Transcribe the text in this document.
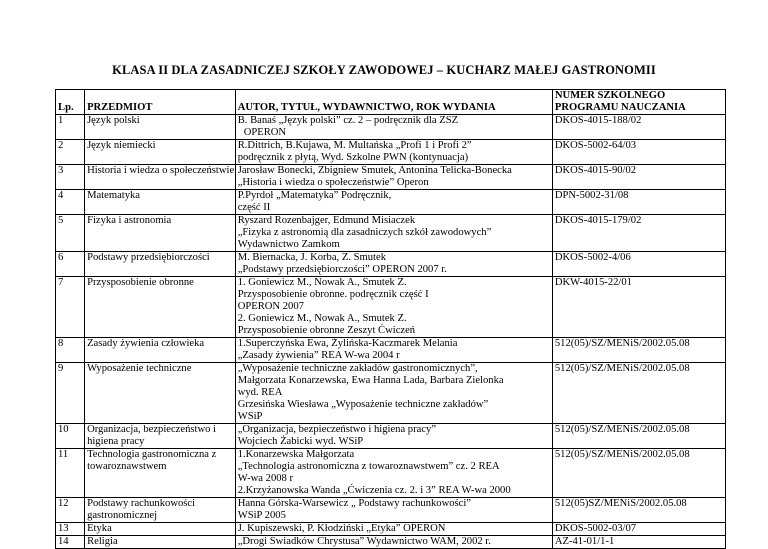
KLASA II DLA ZASADNICZEJ SZKOŁY ZAWODOWEJ – KUCHARZ MAŁEJ GASTRONOMII
Lp.	PRZEDMIOT	AUTOR, TYTUŁ, WYDAWNICTWO, ROK WYDANIA	NUMER SZKOLNEGO
PROGRAMU NAUCZANIA

1	Język polski	B. Banaś „Język polski” cz. 2 – podręcznik dla ZSZ
OPERON	DKOS-4015-188/02
2	Język niemiecki	R.Dittrich, B.Kujawa, M. Multańska „Profi 1 i Profi 2”
podręcznik z płytą, Wyd. Szkolne PWN (kontynuacja)	DKOS-5002-64/03
3	Historia i wiedza o społeczeństwie	Jarosław Bonecki, Zbigniew Smutek, Antonina Telicka-Bonecka
„Historia i wiedza o społeczeństwie” Operon	DKOS-4015-90/02
4	Matematyka	P.Pyrdoł „Matematyka” Podręcznik,
część II	DPN-5002-31/08
5	Fizyka i astronomia	Ryszard Rozenbajger, Edmund Misiaczek
„Fizyka z astronomią dla zasadniczych szkół zawodowych”
Wydawnictwo Zamkom	DKOS-4015-179/02
6	Podstawy przedsiębiorczości	M. Biernacka, J. Korba, Z. Smutek
„Podstawy przedsiębiorczości” OPERON 2007 r.	DKOS-5002-4/06
7	Przysposobienie obronne	1. Goniewicz M., Nowak A., Smutek Z.
Przysposobienie obronne. podręcznik część I
OPERON 2007
2. Goniewicz M., Nowak A., Smutek Z.
Przysposobienie obronne Zeszyt Ćwiczeń	DKW-4015-22/01
8	Zasady żywienia człowieka	1.Superczyńska Ewa, Żylińska-Kaczmarek Melania
„Zasady żywienia” REA W-wa 2004 r	512(05)/SZ/MENiS/2002.05.08
9	Wyposażenie techniczne	„Wyposażenie techniczne zakładów gastronomicznych”,
Małgorzata Konarzewska, Ewa Hanna Lada, Barbara Zielonka
wyd. REA
Grzesińska Wiesława „Wyposażenie techniczne zakładów”
WSiP	512(05)/SZ/MENiS/2002.05.08
10	Organizacja, bezpieczeństwo i
higiena pracy	„Organizacja, bezpieczeństwo i higiena pracy”
Wojciech Żabicki wyd. WSiP	512(05)/SZ/MENiS/2002.05.08
11	Technologia gastronomiczna z
towaroznawstwem	1.Konarzewska Małgorzata
„Technologia astronomiczna z towaroznawstwem” cz. 2 REA
W-wa 2008 r
2.Krzyżanowska Wanda „Ćwiczenia cz. 2. i 3” REA W-wa 2000	512(05)/SZ/MENiS/2002.05.08
12	Podstawy rachunkowości
gastronomicznej	Hanna Górska-Warsewicz „ Podstawy rachunkowości”
WSiP 2005	512(05)SZ/MENiS/2002.05.08
13	Etyka	J. Kupiszewski, P. Kłodziński „Etyka” OPERON	DKOS-5002-03/07
14	Religia	„Drogi Świadków Chrystusa” Wydawnictwo WAM, 2002 r.	AZ-41-01/1-1
